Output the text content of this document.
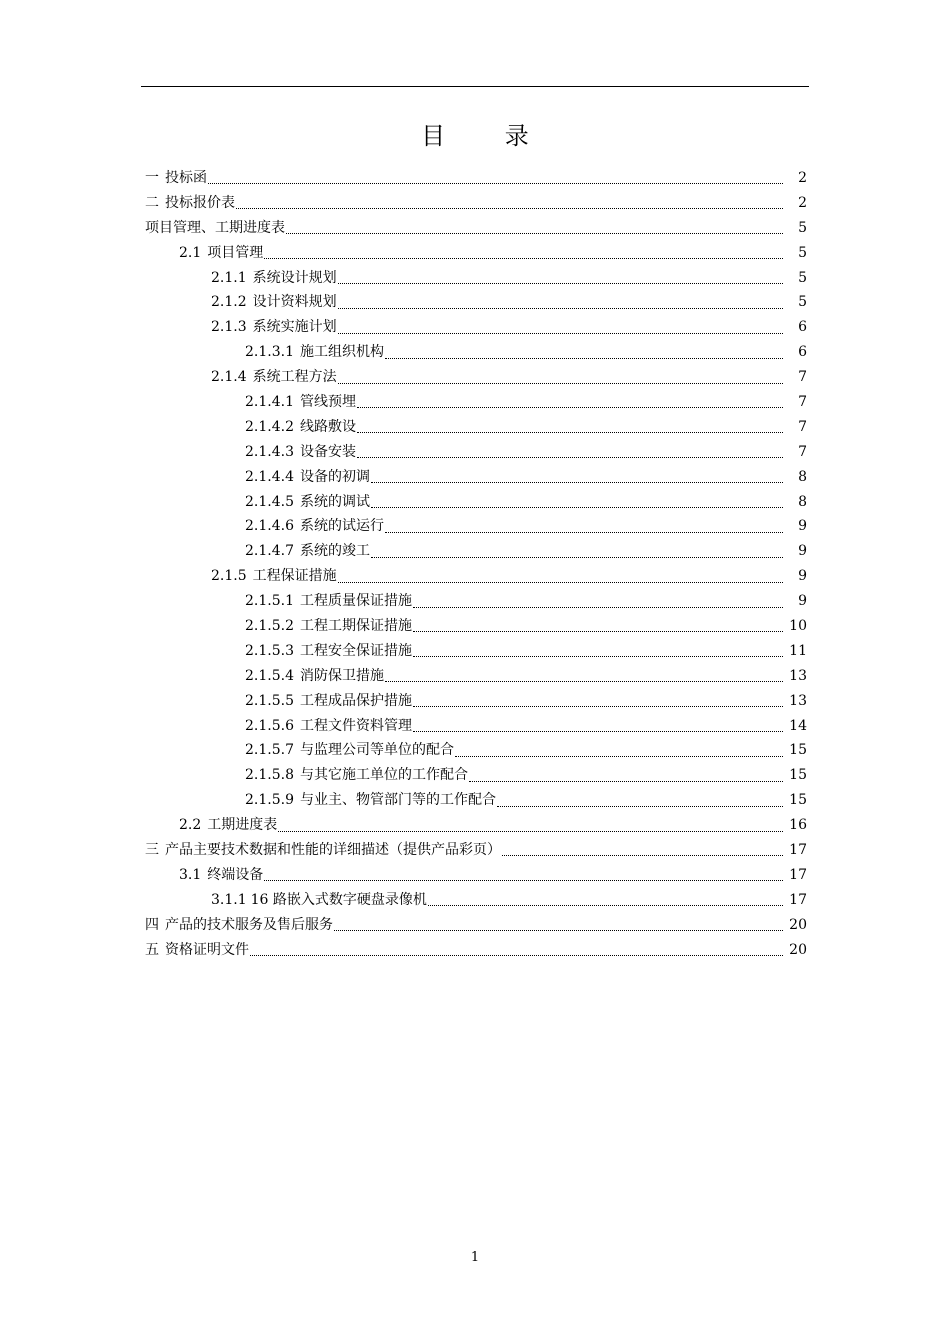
目 录
一 投标函	2
二 投标报价表	2
项目管理、工期进度表	5
2.1 项目管理	5
2.1.1 系统设计规划	5
2.1.2 设计资料规划	5
2.1.3 系统实施计划	6
2.1.3.1 施工组织机构	6
2.1.4 系统工程方法	7
2.1.4.1 管线预埋	7
2.1.4.2 线路敷设	7
2.1.4.3 设备安装	7
2.1.4.4 设备的初调	8
2.1.4.5 系统的调试	8
2.1.4.6 系统的试运行	9
2.1.4.7 系统的竣工	9
2.1.5 工程保证措施	9
2.1.5.1 工程质量保证措施	9
2.1.5.2 工程工期保证措施	10
2.1.5.3 工程安全保证措施	11
2.1.5.4 消防保卫措施	13
2.1.5.5 工程成品保护措施	13
2.1.5.6 工程文件资料管理	14
2.1.5.7 与监理公司等单位的配合	15
2.1.5.8 与其它施工单位的工作配合	15
2.1.5.9 与业主、物管部门等的工作配合	15
2.2 工期进度表	16
三 产品主要技术数据和性能的详细描述（提供产品彩页）	17
3.1 终端设备	17
3.1.1 16 路嵌入式数字硬盘录像机	17
四 产品的技术服务及售后服务	20
五 资格证明文件	20
1
